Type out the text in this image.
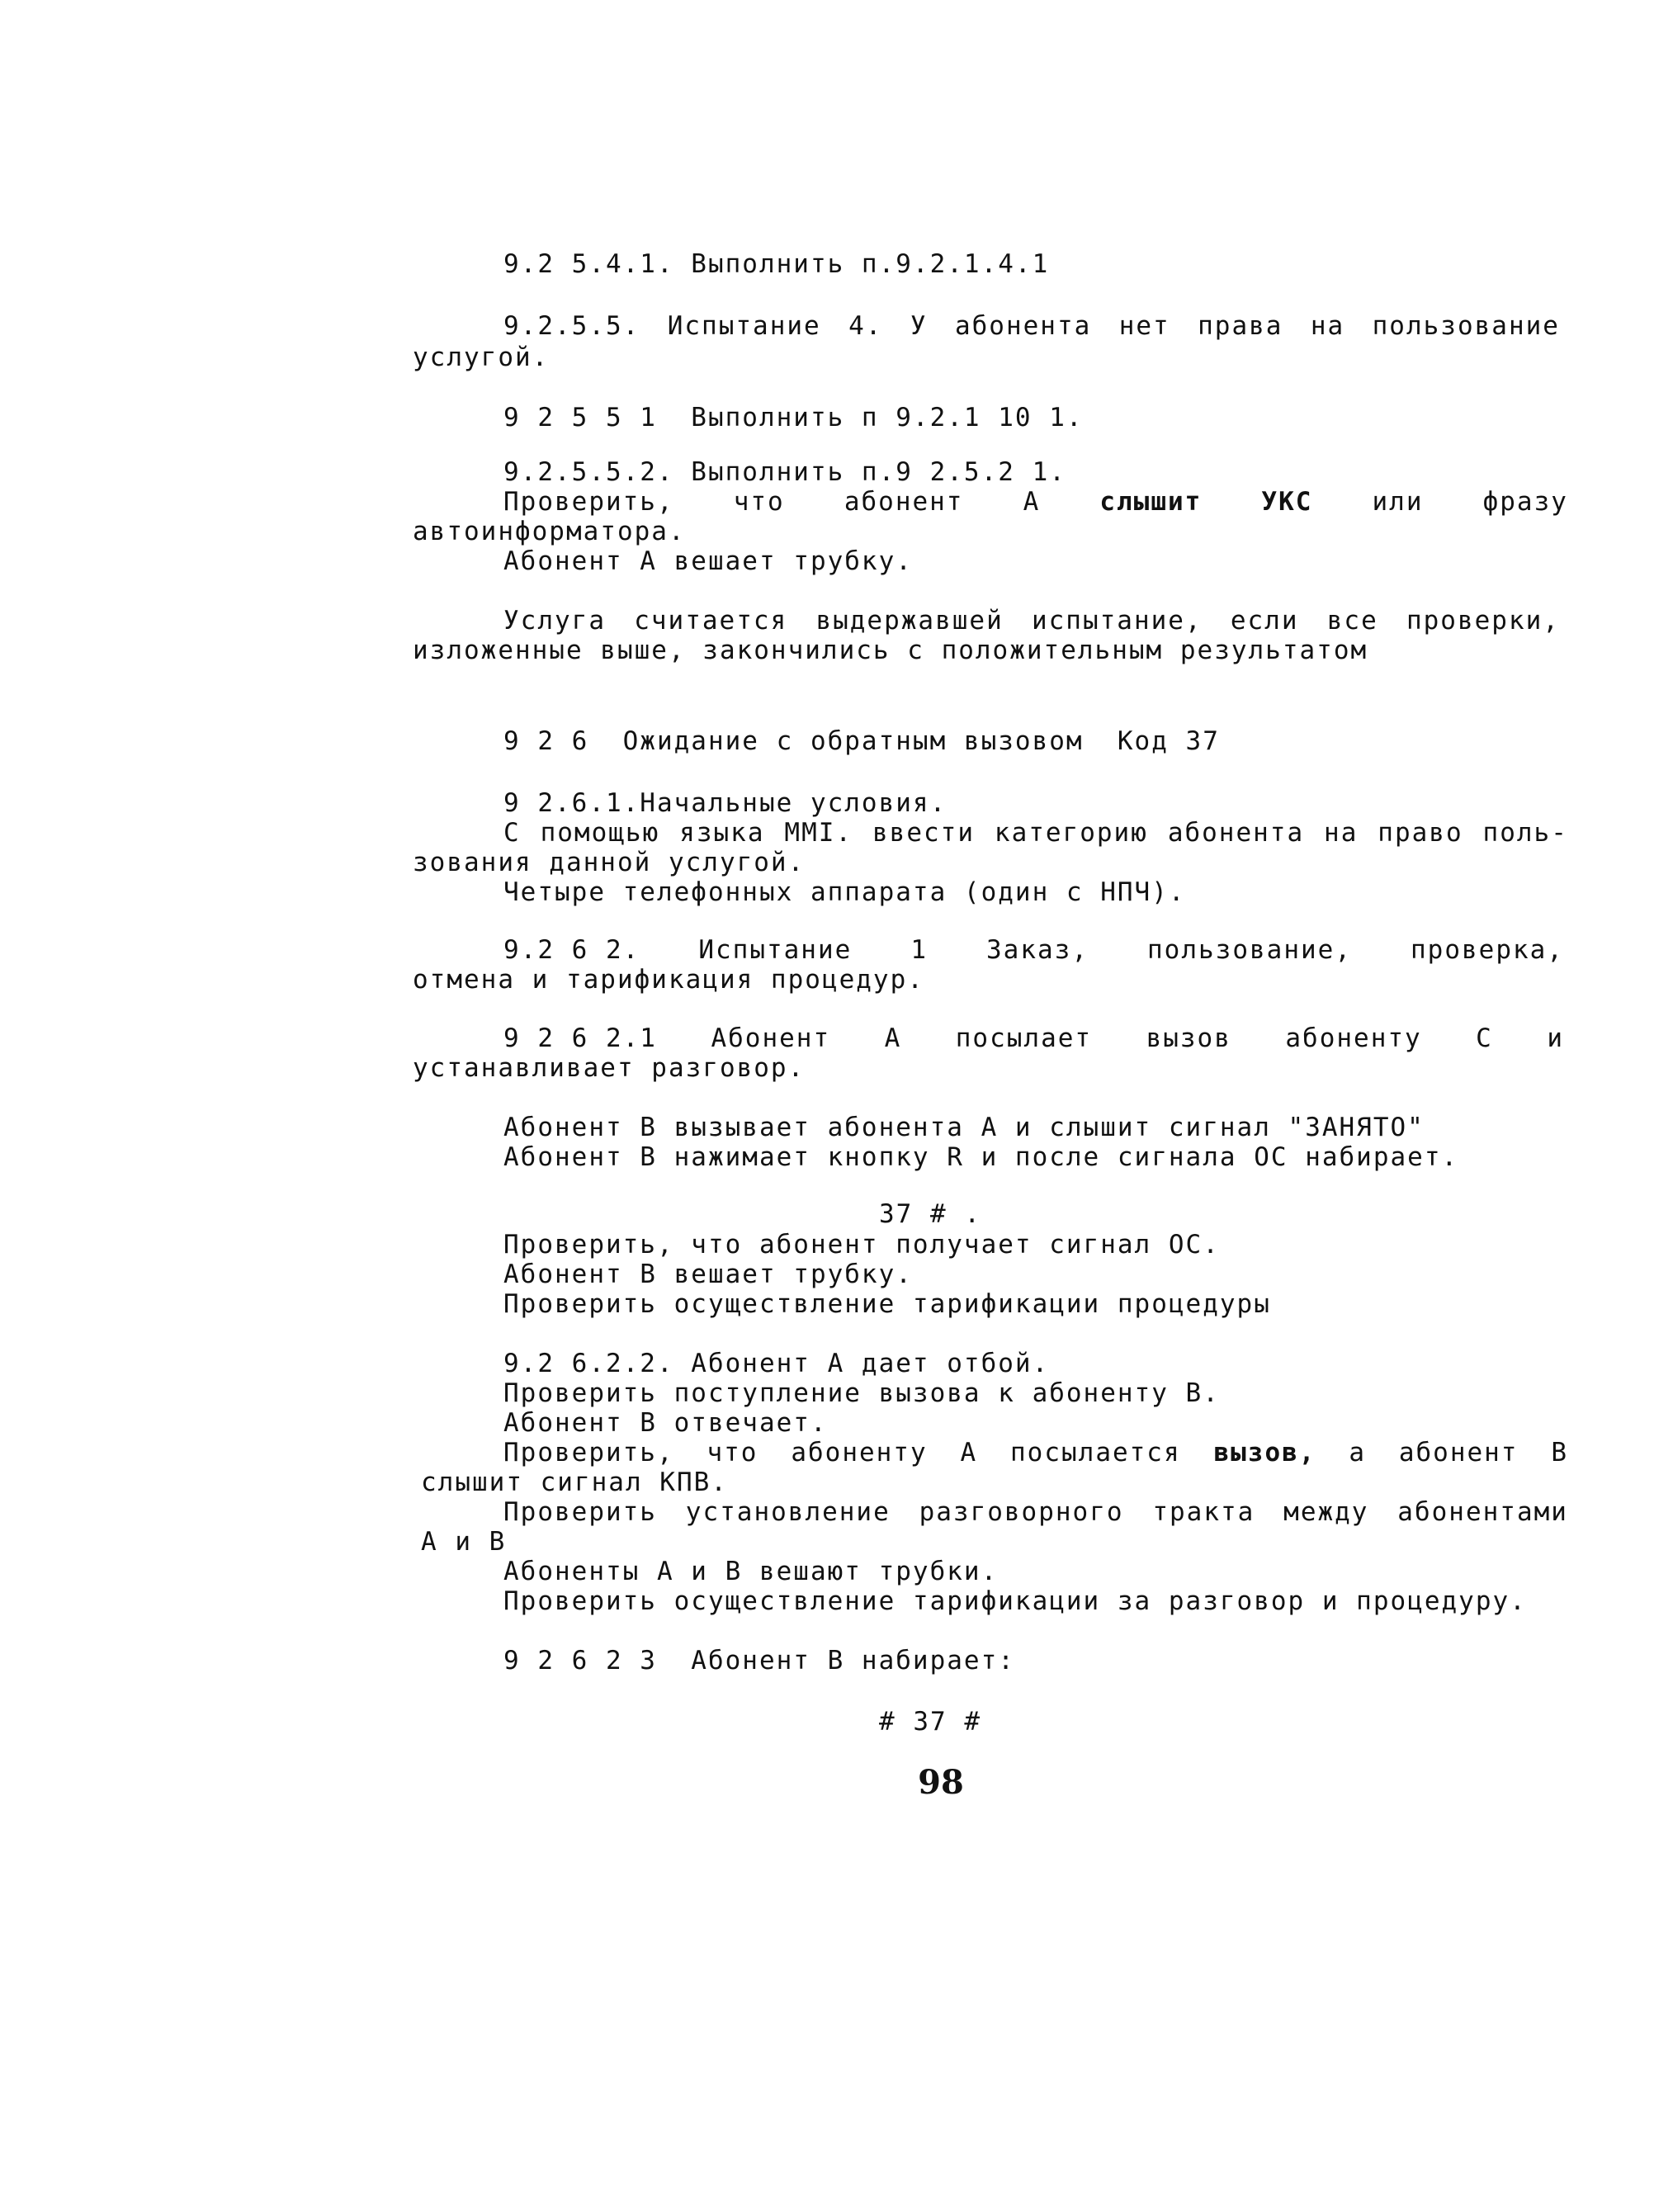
9.2 5.4.1. Выполнить п.9.2.1.4.1
9.2.5.5. Испытание 4. У абонента нет права на пользование
услугой.
9 2 5 5 1  Выполнить п 9.2.1 10 1.
9.2.5.5.2. Выполнить п.9 2.5.2 1.
Проверить, что абонент А слышит УКС или фразу
автоинформатора.
Абонент А вешает трубку.
Услуга считается выдержавшей испытание, если все проверки,
изложенные выше, закончились с положительным результатом
9 2 6  Ожидание с обратным вызовом  Код 37
9 2.6.1.Начальные условия.
С помощью языка ММI. ввести категорию абонента на право поль-
зования данной услугой.
Четыре телефонных аппарата (один с НПЧ).
9.2 6 2. Испытание 1 Заказ, пользование, проверка,
отмена и тарификация процедур.
9 2 6 2.1 Абонент А посылает вызов абоненту С и
устанавливает разговор.
Абонент В вызывает абонента А и слышит сигнал "ЗАНЯТО"
Абонент В нажимает кнопку R и после сигнала ОС набирает.
37 # .
Проверить, что абонент получает сигнал ОС.
Абонент В вешает трубку.
Проверить осуществление тарификации процедуры
9.2 6.2.2. Абонент А дает отбой.
Проверить поступление вызова к абоненту В.
Абонент В отвечает.
Проверить, что абоненту А посылается вызов, а абонент В
слышит сигнал КПВ.
Проверить установление разговорного тракта между абонентами
А и В
Абоненты А и В вешают трубки.
Проверить осуществление тарификации за разговор и процедуру.
9 2 6 2 3  Абонент В набирает:
# 37 #
98
